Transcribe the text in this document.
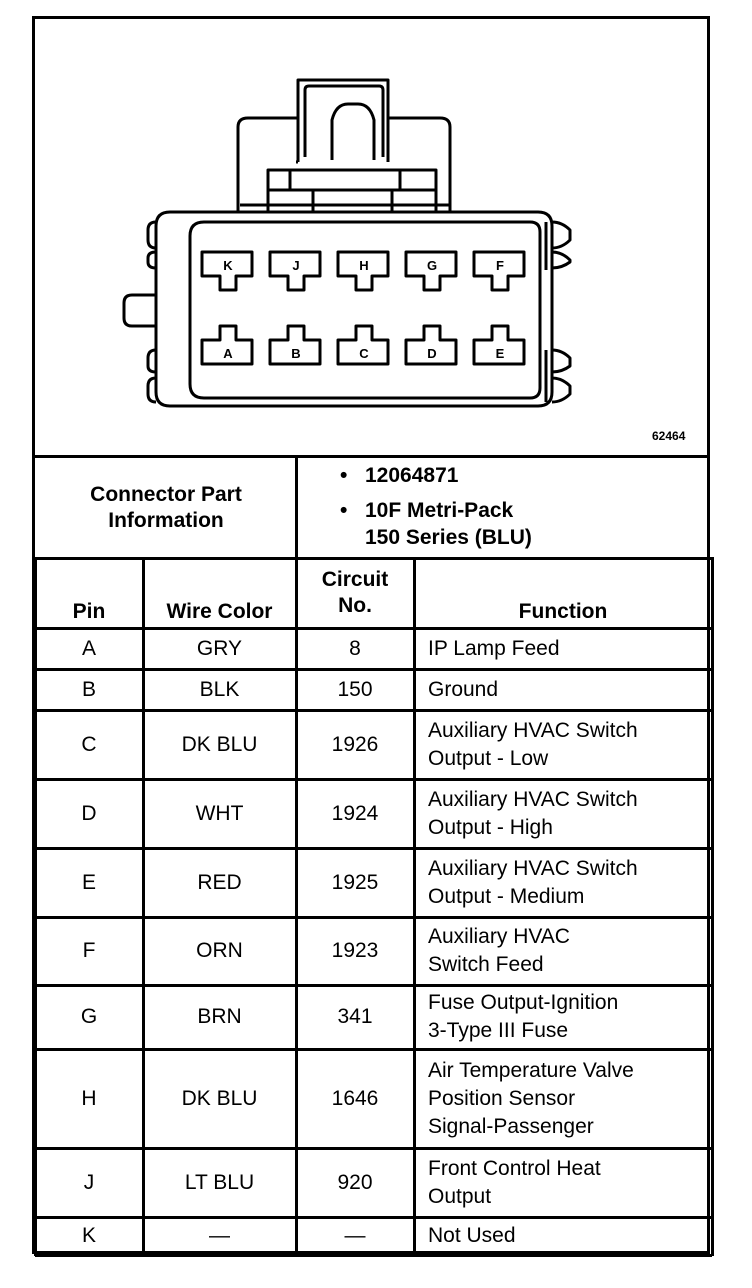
K	J	H	G	F
A	B	C	D	E
62464
Connector Part
Information
• 12064871
• 10F Metri-Pack
150 Series (BLU)
Pin	Wire Color
Circuit
No.	Function
A	GRY	8	IP Lamp Feed
B	BLK	150	Ground
C	DK BLU	1926
Auxiliary HVAC Switch
Output - Low
D	WHT	1924
Auxiliary HVAC Switch
Output - High
E	RED	1925
Auxiliary HVAC Switch
Output - Medium
F	ORN	1923
Auxiliary HVAC
Switch Feed
G	BRN	341
Fuse Output-Ignition
3-Type III Fuse
H	DK BLU	1646
Air Temperature Valve
Position Sensor
Signal-Passenger
J	LT BLU	920
Front Control Heat
Output
K	—	—	Not Used
